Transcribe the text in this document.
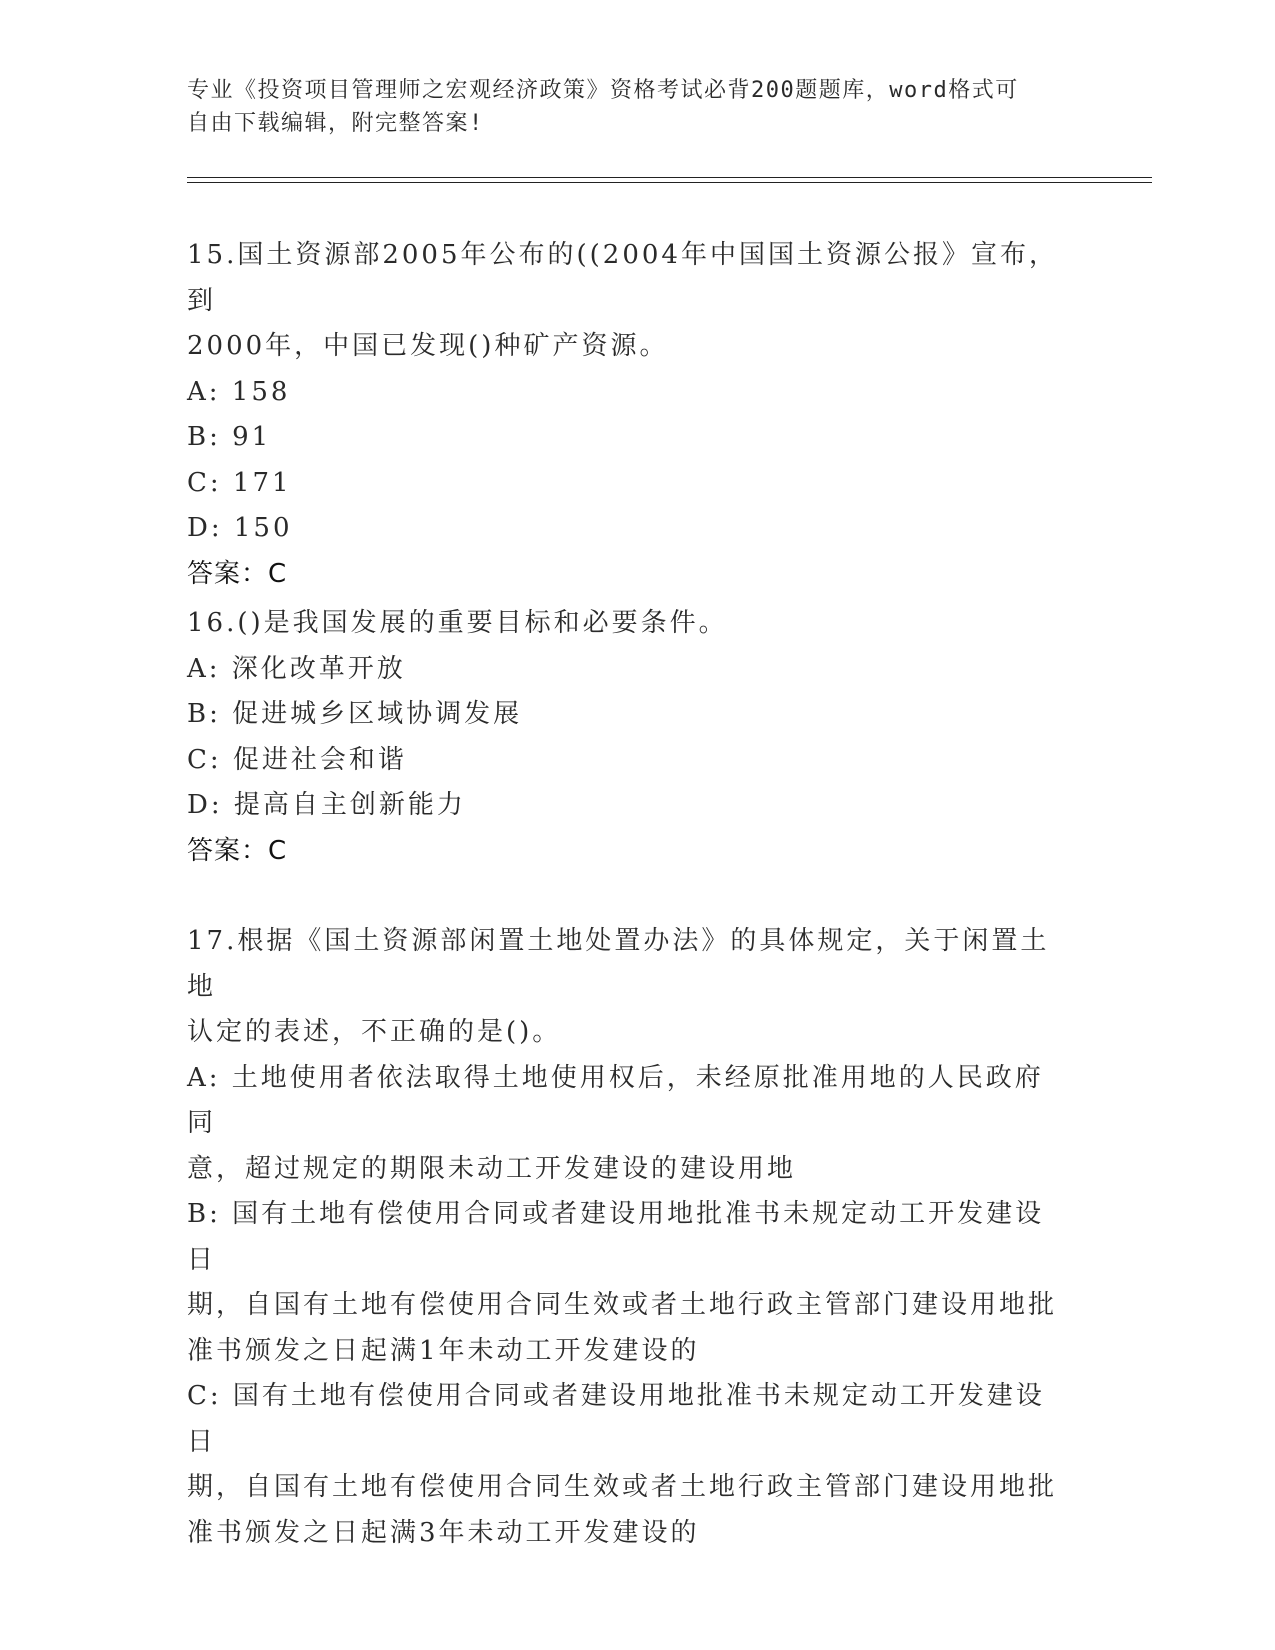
专业《投资项目管理师之宏观经济政策》资格考试必背200题题库，word格式可
自由下载编辑，附完整答案!

15.国土资源部2005年公布的((2004年中国国土资源公报》宣布，到

2000年，中国已发现()种矿产资源。

A: 158

B: 91

C: 171

D: 150

答案：C

16.()是我国发展的重要目标和必要条件。

A: 深化改革开放

B: 促进城乡区域协调发展

C: 促进社会和谐

D: 提高自主创新能力

答案：C

17.根据《国土资源部闲置土地处置办法》的具体规定，关于闲置土地

认定的表述，不正确的是()。

A: 土地使用者依法取得土地使用权后，未经原批准用地的人民政府同

意，超过规定的期限未动工开发建设的建设用地

B: 国有土地有偿使用合同或者建设用地批准书未规定动工开发建设日

期，自国有土地有偿使用合同生效或者土地行政主管部门建设用地批

准书颁发之日起满1年未动工开发建设的

C: 国有土地有偿使用合同或者建设用地批准书未规定动工开发建设日

期，自国有土地有偿使用合同生效或者土地行政主管部门建设用地批

准书颁发之日起满3年未动工开发建设的
